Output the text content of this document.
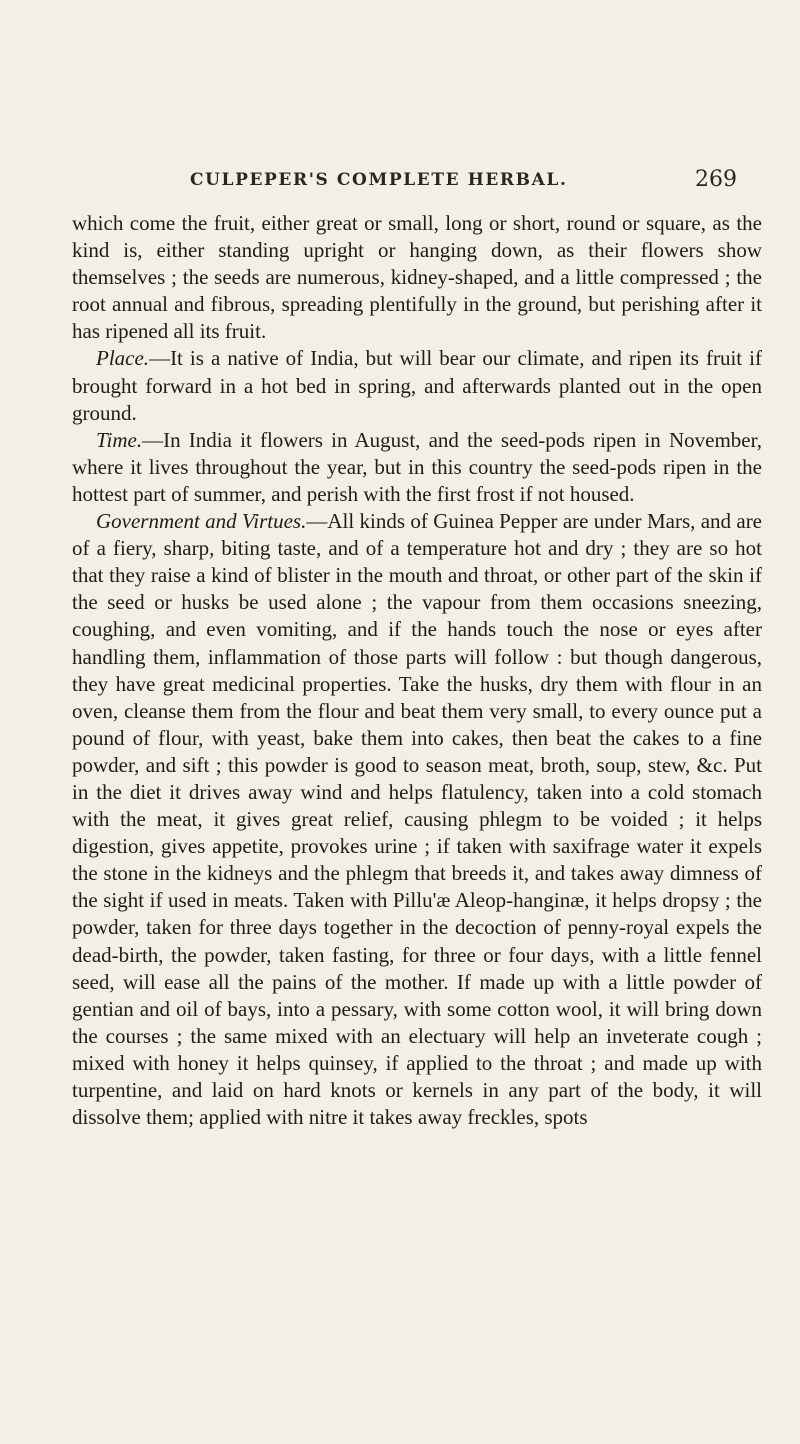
CULPEPER'S COMPLETE HERBAL.	269

which come the fruit, either great or small, long or short, round or square, as the kind is, either standing upright or hanging down, as their flowers show themselves ; the seeds are numerous, kidney-shaped, and a little compressed ; the root annual and fibrous, spreading plentifully in the ground, but perishing after it has ripened all its fruit.

Place.—It is a native of India, but will bear our climate, and ripen its fruit if brought forward in a hot bed in spring, and afterwards planted out in the open ground.

Time.—In India it flowers in August, and the seed-pods ripen in November, where it lives throughout the year, but in this country the seed-pods ripen in the hottest part of summer, and perish with the first frost if not housed.

Government and Virtues.—All kinds of Guinea Pepper are under Mars, and are of a fiery, sharp, biting taste, and of a temperature hot and dry ; they are so hot that they raise a kind of blister in the mouth and throat, or other part of the skin if the seed or husks be used alone ; the vapour from them occasions sneezing, coughing, and even vomiting, and if the hands touch the nose or eyes after handling them, inflammation of those parts will follow : but though dangerous, they have great medicinal properties. Take the husks, dry them with flour in an oven, cleanse them from the flour and beat them very small, to every ounce put a pound of flour, with yeast, bake them into cakes, then beat the cakes to a fine powder, and sift ; this powder is good to season meat, broth, soup, stew, &c. Put in the diet it drives away wind and helps flatulency, taken into a cold stomach with the meat, it gives great relief, causing phlegm to be voided ; it helps digestion, gives appetite, provokes urine ; if taken with saxifrage water it expels the stone in the kidneys and the phlegm that breeds it, and takes away dimness of the sight if used in meats. Taken with Pillu'æ Aleop-hanginæ, it helps dropsy ; the powder, taken for three days together in the decoction of penny-royal expels the dead-birth, the powder, taken fasting, for three or four days, with a little fennel seed, will ease all the pains of the mother. If made up with a little powder of gentian and oil of bays, into a pessary, with some cotton wool, it will bring down the courses ; the same mixed with an electuary will help an inveterate cough ; mixed with honey it helps quinsey, if applied to the throat ; and made up with turpentine, and laid on hard knots or kernels in any part of the body, it will dissolve them; applied with nitre it takes away freckles, spots
